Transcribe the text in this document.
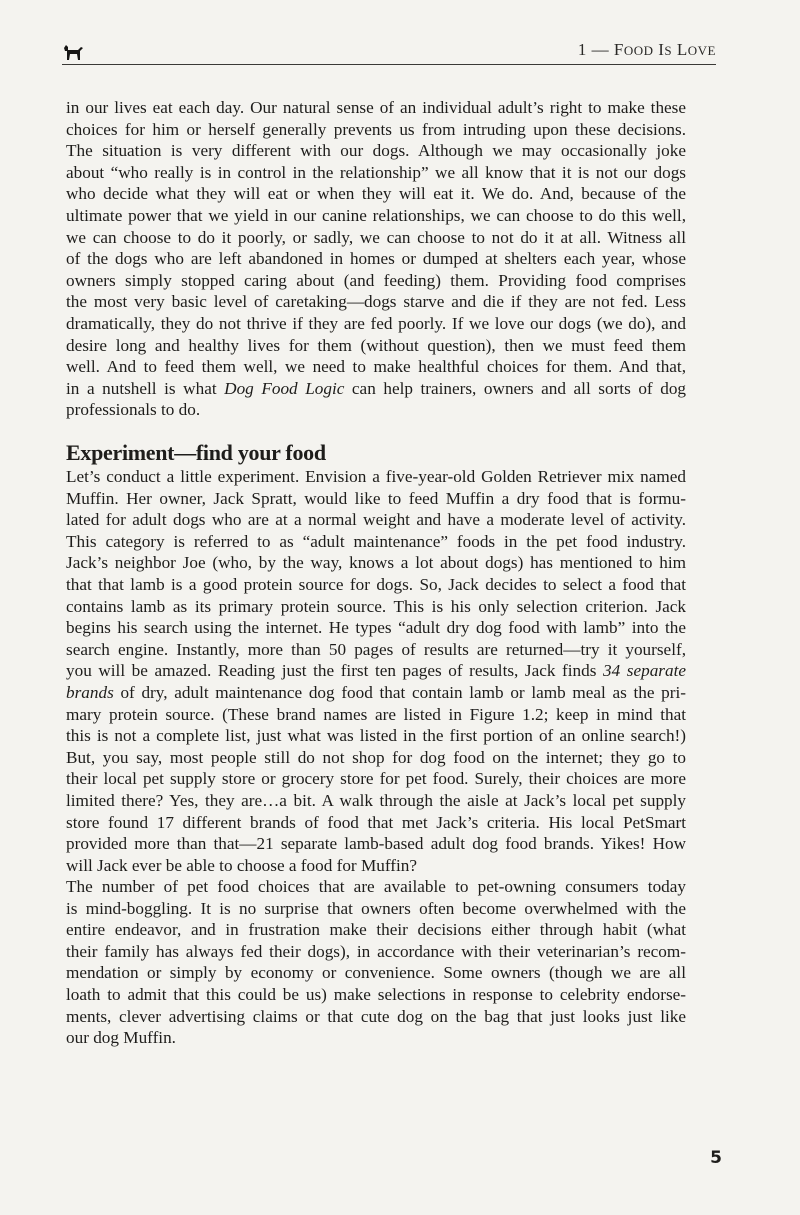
1 — FOOD IS LOVE
in our lives eat each day. Our natural sense of an individual adult’s right to make these
choices for him or herself generally prevents us from intruding upon these decisions.
The situation is very different with our dogs. Although we may occasionally joke
about “who really is in control in the relationship” we all know that it is not our dogs
who decide what they will eat or when they will eat it. We do. And, because of the
ultimate power that we yield in our canine relationships, we can choose to do this well,
we can choose to do it poorly, or sadly, we can choose to not do it at all. Witness all
of the dogs who are left abandoned in homes or dumped at shelters each year, whose
owners simply stopped caring about (and feeding) them. Providing food comprises
the most very basic level of caretaking—dogs starve and die if they are not fed. Less
dramatically, they do not thrive if they are fed poorly. If we love our dogs (we do), and
desire long and healthy lives for them (without question), then we must feed them
well. And to feed them well, we need to make healthful choices for them. And that,
in a nutshell is what Dog Food Logic can help trainers, owners and all sorts of dog
professionals to do.
Experiment—find your food
Let’s conduct a little experiment. Envision a five-year-old Golden Retriever mix named
Muffin. Her owner, Jack Spratt, would like to feed Muffin a dry food that is formu-
lated for adult dogs who are at a normal weight and have a moderate level of activity.
This category is referred to as “adult maintenance” foods in the pet food industry.
Jack’s neighbor Joe (who, by the way, knows a lot about dogs) has mentioned to him
that that lamb is a good protein source for dogs. So, Jack decides to select a food that
contains lamb as its primary protein source. This is his only selection criterion. Jack
begins his search using the internet. He types “adult dry dog food with lamb” into the
search engine. Instantly, more than 50 pages of results are returned—try it yourself,
you will be amazed. Reading just the first ten pages of results, Jack finds 34 separate
brands of dry, adult maintenance dog food that contain lamb or lamb meal as the pri-
mary protein source. (These brand names are listed in Figure 1.2; keep in mind that
this is not a complete list, just what was listed in the first portion of an online search!)
But, you say, most people still do not shop for dog food on the internet; they go to
their local pet supply store or grocery store for pet food. Surely, their choices are more
limited there? Yes, they are…a bit. A walk through the aisle at Jack’s local pet supply
store found 17 different brands of food that met Jack’s criteria. His local PetSmart
provided more than that—21 separate lamb-based adult dog food brands. Yikes! How
will Jack ever be able to choose a food for Muffin?
The number of pet food choices that are available to pet-owning consumers today
is mind-boggling. It is no surprise that owners often become overwhelmed with the
entire endeavor, and in frustration make their decisions either through habit (what
their family has always fed their dogs), in accordance with their veterinarian’s recom-
mendation or simply by economy or convenience. Some owners (though we are all
loath to admit that this could be us) make selections in response to celebrity endorse-
ments, clever advertising claims or that cute dog on the bag that just looks just like
our dog Muffin.
5
